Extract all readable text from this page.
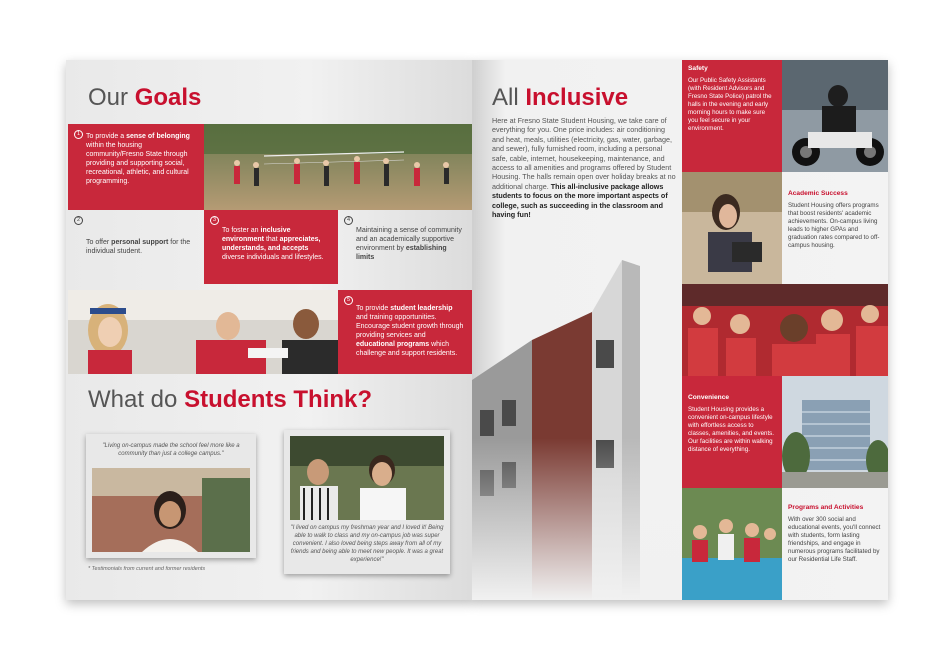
Our Goals
1 To provide a sense of belonging within the housing community/Fresno State through providing and supporting social, recreational, athletic, and cultural programming.
2
To offer personal support for the individual student.
3
To foster an inclusive environment that appreciates, understands, and accepts diverse individuals and lifestyles.
4
Maintaining a sense of community and an academically supportive environment by establishing limits
5
To provide student leadership and training opportunities. Encourage student growth through providing services and educational programs which challenge and support residents.
What do Students Think?
"Living on-campus made the school feel more like a community than just a college campus."
"I lived on campus my freshman year and I loved it! Being able to walk to class and my on-campus job was super convenient. I also loved being steps away from all of my friends and being able to meet new people. It was a great experience!"
* Testimonials from current and former residents
All Inclusive
Here at Fresno State Student Housing, we take care of everything for you. One price includes: air conditioning and heat, meals, utilities (electricity, gas, water, garbage, and sewer), fully furnished room, including a personal safe, cable, internet, housekeeping, maintenance, and access to all amenities and programs offered by Student Housing. The halls remain open over holiday breaks at no additional charge. This all-inclusive package allows students to focus on the more important aspects of college, such as succeeding in the classroom and having fun!
Safety
Our Public Safety Assistants (with Resident Advisors and Fresno State Police) patrol the halls in the evening and early morning hours to make sure you feel secure in your environment.
Academic Success
Student Housing offers programs that boost residents' academic achievements. On-campus living leads to higher GPAs and graduation rates compared to off-campus housing.
Convenience
Student Housing provides a convenient on-campus lifestyle with effortless access to classes, amenities, and events. Our facilities are within walking distance of everything.
Programs and Activities
With over 300 social and educational events, you'll connect with students, form lasting friendships, and engage in numerous programs facilitated by our Residential Life Staff.
